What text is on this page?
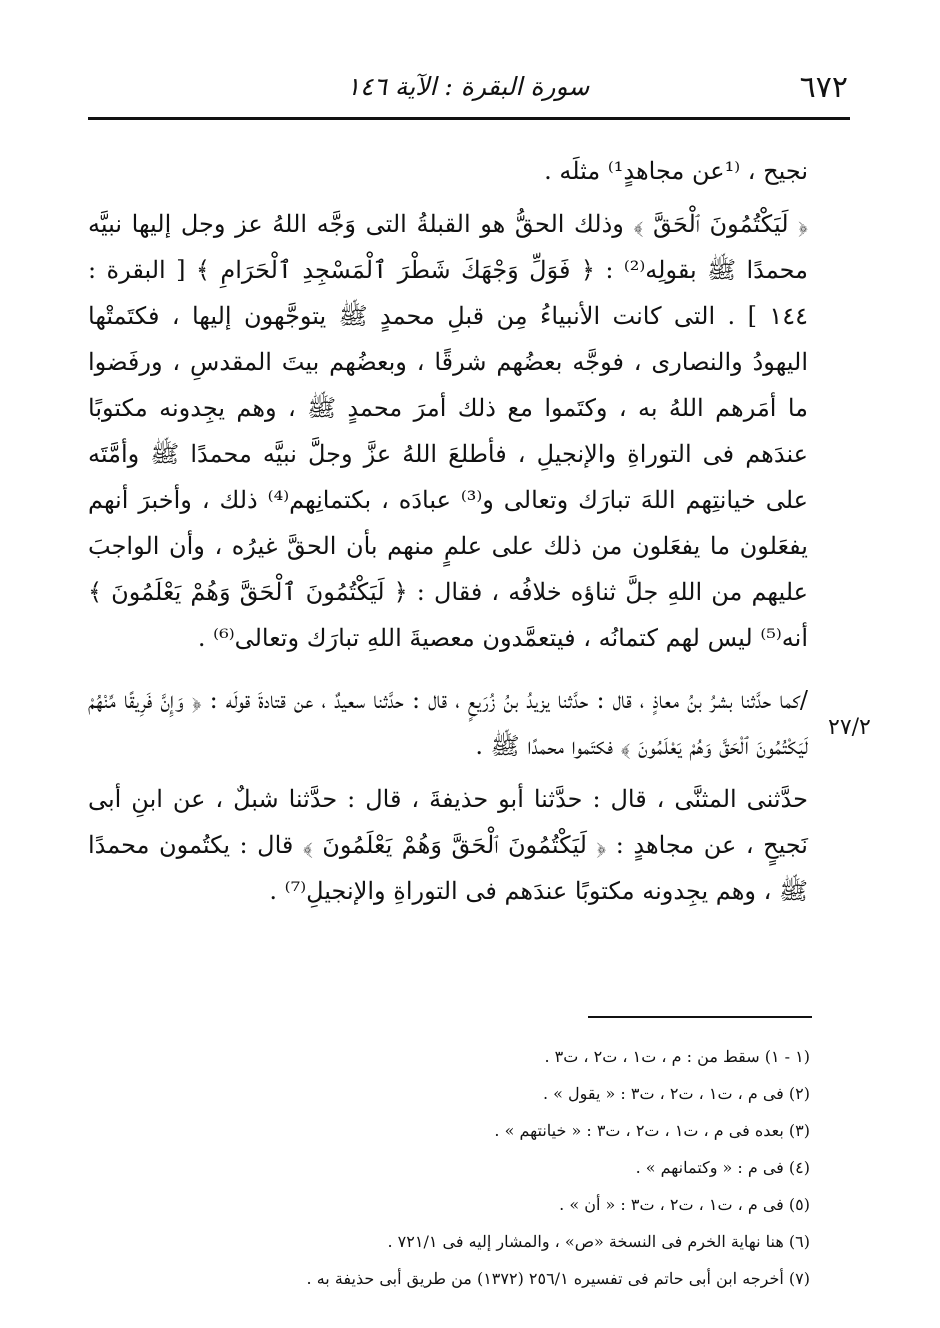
سورة البقرة : الآية ١٤٦	٦٧٢
٢٧/٢

نجيح ، ⁽¹عن مجاهدٍ¹⁾ مثلَه .

﴿ لَيَكْتُمُونَ ٱلْحَقَّ ﴾ وذلك الحقُّ هو القبلةُ التى وَجَّه اللهُ عز وجل إليها نبيَّه محمدًا ﷺ بقولِه⁽²⁾ : ﴿ فَوَلِّ وَجْهَكَ شَطْرَ ٱلْمَسْجِدِ ٱلْحَرَامِ ﴾ [ البقرة : ١٤٤ ] . التى كانت الأنبياءُ مِن قبلِ محمدٍ ﷺ يتوجَّهون إليها ، فكتَمتْها اليهودُ والنصارى ، فوجَّه بعضُهم شرقًا ، وبعضُهم بيتَ المقدسِ ، ورفَضوا ما أمَرهم اللهُ به ، وكتَموا مع ذلك أمرَ محمدٍ ﷺ ، وهم يجِدونه مكتوبًا عندَهم فى التوراةِ والإنجيلِ ، فأطلعَ اللهُ عزَّ وجلَّ نبيَّه محمدًا ﷺ وأمَّتَه على خيانتِهم اللهَ تبارَك وتعالى و⁽³⁾ عبادَه ، بكتمانِهم⁽⁴⁾ ذلك ، وأخبرَ أنهم يفعَلون ما يفعَلون من ذلك على علمٍ منهم بأن الحقَّ غيرُه ، وأن الواجبَ عليهم من اللهِ جلَّ ثناؤه خلافُه ، فقال : ﴿ لَيَكْتُمُونَ ٱلْحَقَّ وَهُمْ يَعْلَمُونَ ﴾ أنه⁽⁵⁾ ليس لهم كتمانُه ، فيتعمَّدون معصيةَ اللهِ تبارَك وتعالى⁽⁶⁾ .

/كما حدَّثنا بشرُ بنُ معاذٍ ، قال : حدَّثنا يزيدُ بنُ زُرَيعٍ ، قال : حدَّثنا سعيدٌ ، عن قتادةَ قولَه : ﴿ وَإِنَّ فَرِيقًا مِّنْهُمْ لَيَكْتُمُونَ ٱلْحَقَّ وَهُمْ يَعْلَمُونَ ﴾ فكتَموا محمدًا ﷺ .

حدَّثنى المثنَّى ، قال : حدَّثنا أبو حذيفةَ ، قال : حدَّثنا شبلٌ ، عن ابنِ أبى نَجيحٍ ، عن مجاهدٍ : ﴿ لَيَكْتُمُونَ ٱلْحَقَّ وَهُمْ يَعْلَمُونَ ﴾ قال : يكتُمون محمدًا ﷺ ، وهم يجِدونه مكتوبًا عندَهم فى التوراةِ والإنجيلِ⁽⁷⁾ .

(١ - ١) سقط من : م ، ت١ ، ت٢ ، ت٣ .

(٢) فى م ، ت١ ، ت٢ ، ت٣ : « يقول » .

(٣) بعده فى م ، ت١ ، ت٢ ، ت٣ : « خيانتهم » .

(٤) فى م : « وكتمانهم » .

(٥) فى م ، ت١ ، ت٢ ، ت٣ : « أن » .

(٦) هنا نهاية الخرم فى النسخة «ص» ، والمشار إليه فى ٧٢١/١ .

(٧) أخرجه ابن أبى حاتم فى تفسيره ٢٥٦/١ (١٣٧٢) من طريق أبى حذيفة به .
